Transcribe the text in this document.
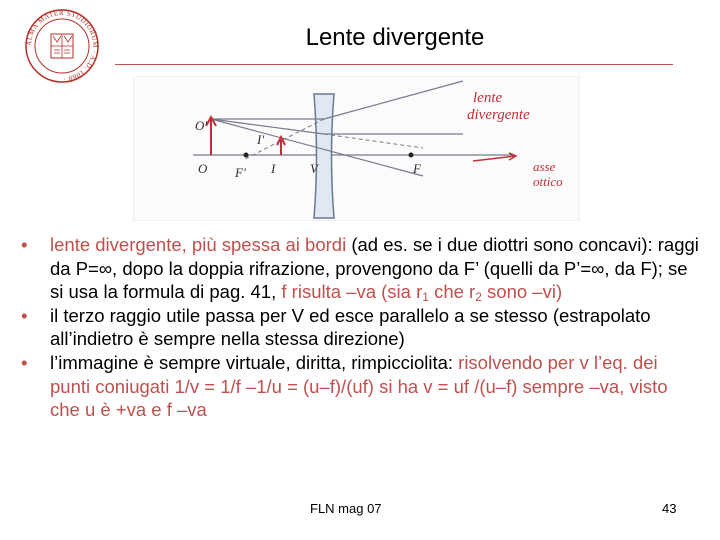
ALMA MATER STUDIORUM · A.D. 1088 ·
Lente divergente
O
O'
F' I
I'
V	F
lente divergente
asse ottico
• lente divergente, più spessa ai bordi (ad es. se i due diottri sono concavi): raggi da P=∞, dopo la doppia rifrazione, provengono da F’ (quelli da P’=∞, da F); se si usa la formula di pag. 41, f risulta –va (sia $r_1$ che $r_2$ sono –vi)
• il terzo raggio utile passa per V ed esce parallelo a se stesso (estrapolato all’indietro è sempre nella stessa direzione)
• l’immagine è sempre virtuale, diritta, rimpicciolita: risolvendo per v l’eq. dei punti coniugati 1/v = 1/f –1/u = (u–f)/(uf) si ha v = uf /(u–f) sempre –va, visto che u è +va e f –va
FLN mag 07	43
